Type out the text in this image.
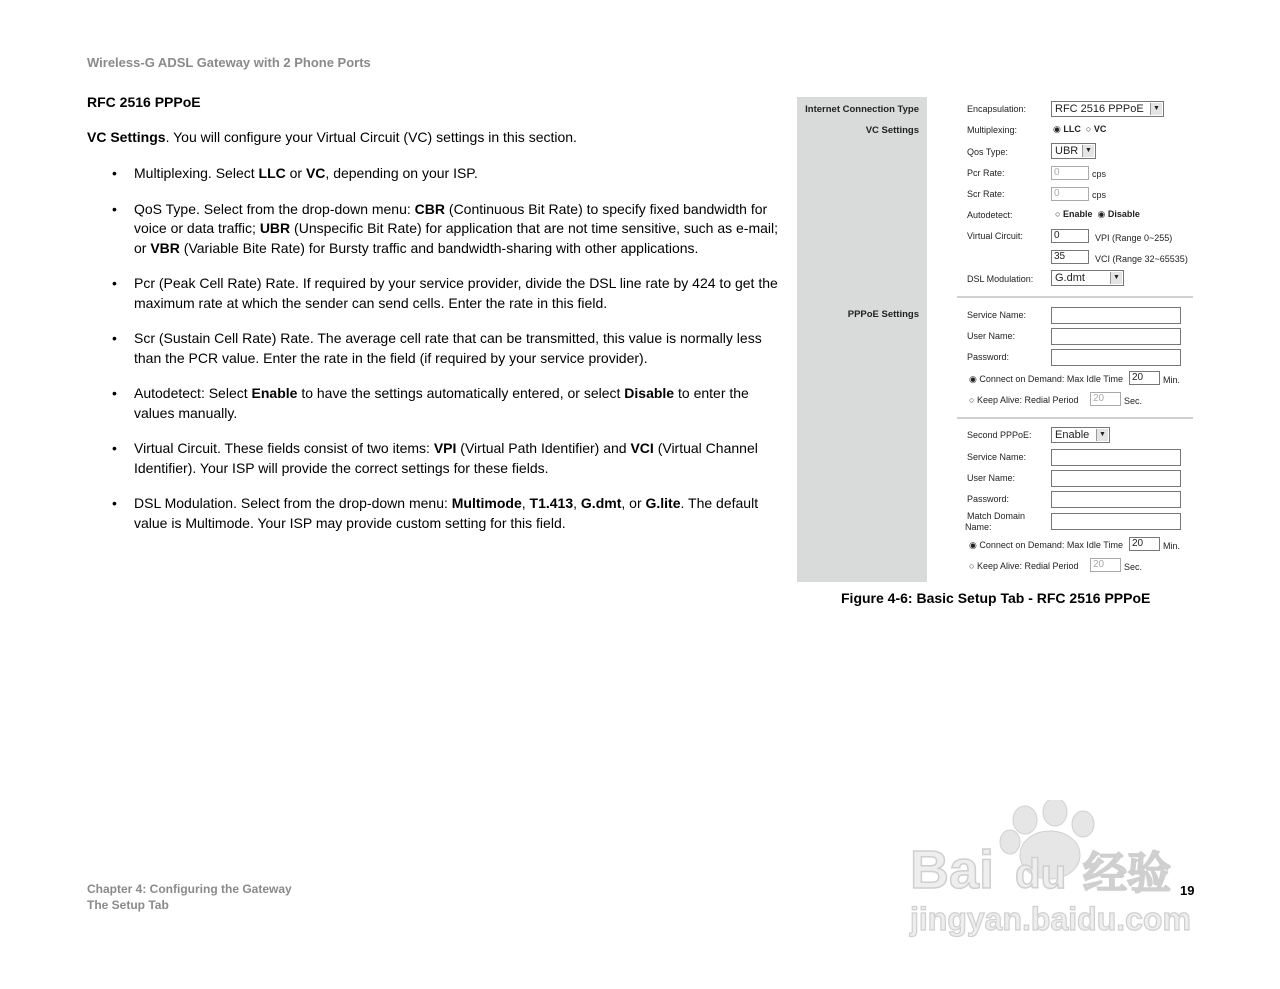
Wireless-G ADSL Gateway with 2 Phone Ports
RFC 2516 PPPoE
VC Settings. You will configure your Virtual Circuit (VC) settings in this section.
• Multiplexing. Select LLC or VC, depending on your ISP.
• QoS Type. Select from the drop-down menu: CBR (Continuous Bit Rate) to specify fixed bandwidth for voice or data traffic; UBR (Unspecific Bit Rate) for application that are not time sensitive, such as e-mail; or VBR (Variable Bite Rate) for Bursty traffic and bandwidth-sharing with other applications.
• Pcr (Peak Cell Rate) Rate. If required by your service provider, divide the DSL line rate by 424 to get the maximum rate at which the sender can send cells. Enter the rate in this field.
• Scr (Sustain Cell Rate) Rate. The average cell rate that can be transmitted, this value is normally less than the PCR value. Enter the rate in the field (if required by your service provider).
• Autodetect: Select Enable to have the settings automatically entered, or select Disable to enter the values manually.
• Virtual Circuit. These fields consist of two items: VPI (Virtual Path Identifier) and VCI (Virtual Channel Identifier). Your ISP will provide the correct settings for these fields.
• DSL Modulation. Select from the drop-down menu: Multimode, T1.413, G.dmt, or G.lite. The default value is Multimode. Your ISP may provide custom setting for this field.
Internet Connection Type
VC Settings
PPPoE Settings
Encapsulation:	RFC 2516 PPPoE	▼
Multiplexing:	◉ LLC ○ VC
Qos Type:	UBR ▼
Pcr Rate:	0	cps
Scr Rate:	0	cps
Autodetect:	○ Enable ◉ Disable
Virtual Circuit:	0	VPI (Range 0~255)
35	VCI (Range 32~65535)
DSL Modulation:	G.dmt	▼
Service Name:
User Name:
Password:
◉ Connect on Demand: Max Idle Time 20	Min.
○ Keep Alive: Redial Period	20	Sec.
Second PPPoE:	Enable	▼
Service Name:
User Name:
Password:
Match Domain
Name:
◉ Connect on Demand: Max Idle Time 20	Min.
○ Keep Alive: Redial Period	20	Sec.
Figure 4-6: Basic Setup Tab - RFC 2516 PPPoE
Chapter 4: Configuring the Gateway
The Setup Tab
19
Bai du 经验
jingyan.baidu.com
